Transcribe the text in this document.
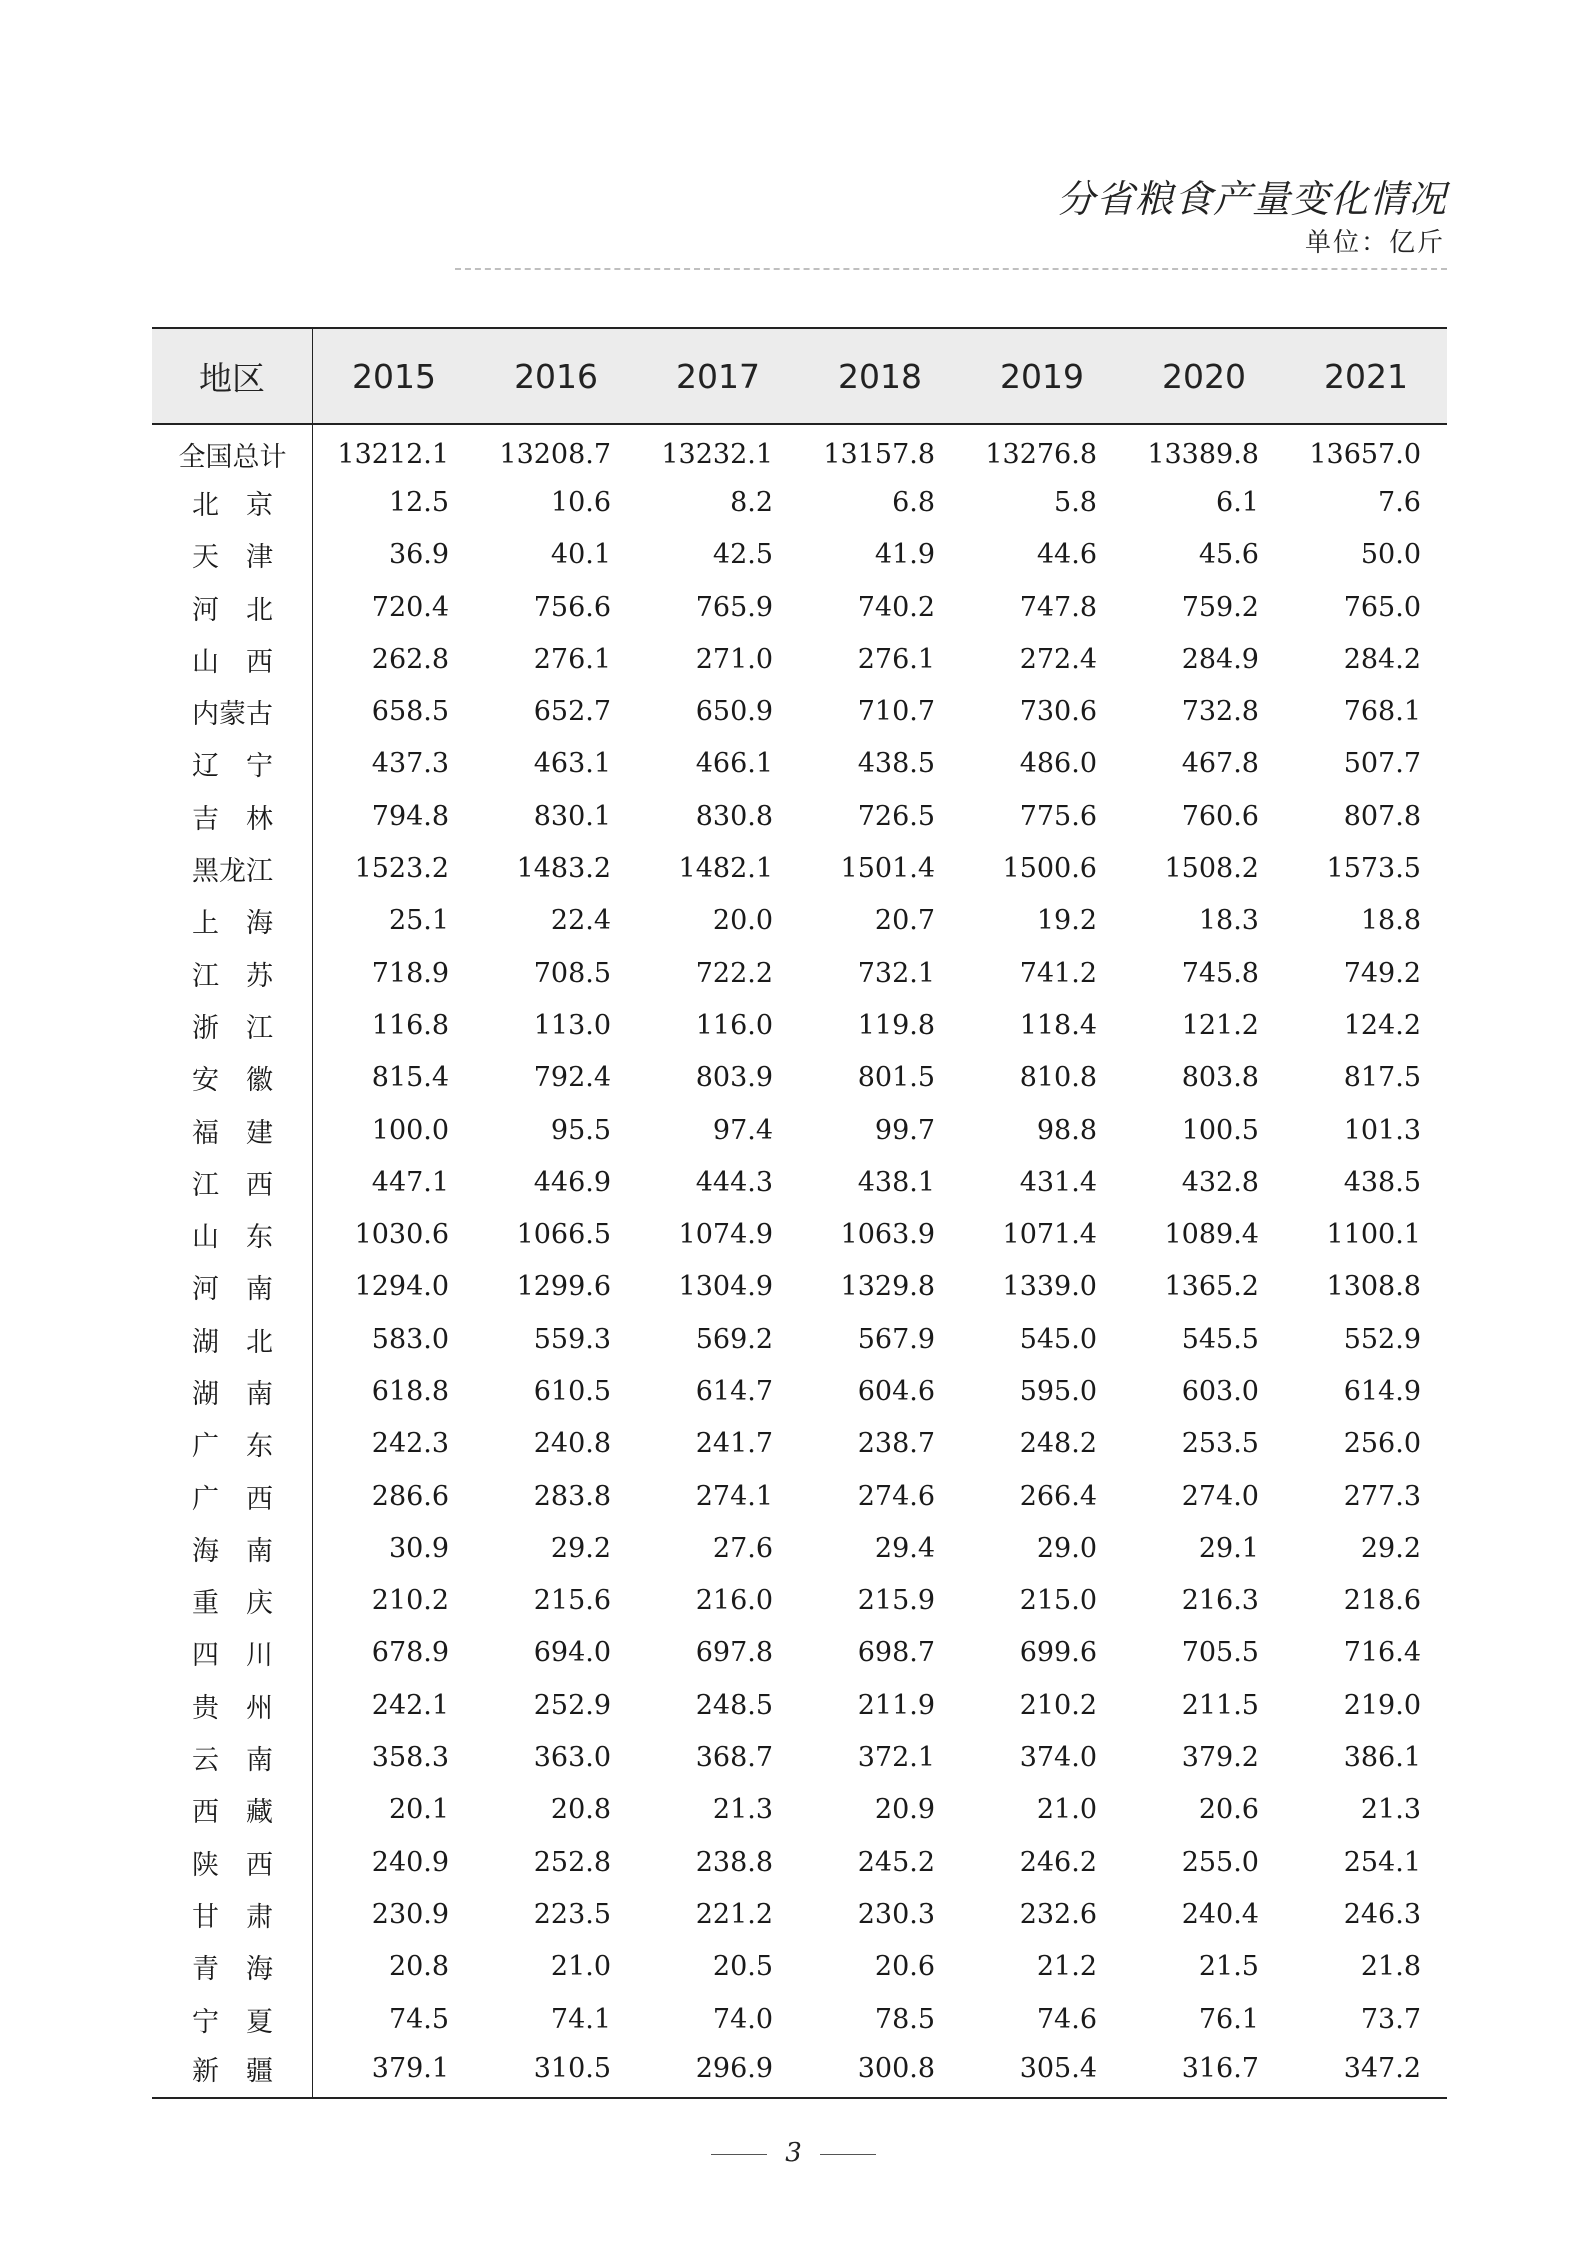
分省粮食产量变化情况
单位：亿斤
地区	2015	2016	2017	2018	2019	2020	2021
全国总计	13212.1	13208.7	13232.1	13157.8	13276.8	13389.8	13657.0
北　京	12.5	10.6	8.2	6.8	5.8	6.1	7.6
天　津	36.9	40.1	42.5	41.9	44.6	45.6	50.0
河　北	720.4	756.6	765.9	740.2	747.8	759.2	765.0
山　西	262.8	276.1	271.0	276.1	272.4	284.9	284.2
内蒙古	658.5	652.7	650.9	710.7	730.6	732.8	768.1
辽　宁	437.3	463.1	466.1	438.5	486.0	467.8	507.7
吉　林	794.8	830.1	830.8	726.5	775.6	760.6	807.8
黑龙江	1523.2	1483.2	1482.1	1501.4	1500.6	1508.2	1573.5
上　海	25.1	22.4	20.0	20.7	19.2	18.3	18.8
江　苏	718.9	708.5	722.2	732.1	741.2	745.8	749.2
浙　江	116.8	113.0	116.0	119.8	118.4	121.2	124.2
安　徽	815.4	792.4	803.9	801.5	810.8	803.8	817.5
福　建	100.0	95.5	97.4	99.7	98.8	100.5	101.3
江　西	447.1	446.9	444.3	438.1	431.4	432.8	438.5
山　东	1030.6	1066.5	1074.9	1063.9	1071.4	1089.4	1100.1
河　南	1294.0	1299.6	1304.9	1329.8	1339.0	1365.2	1308.8
湖　北	583.0	559.3	569.2	567.9	545.0	545.5	552.9
湖　南	618.8	610.5	614.7	604.6	595.0	603.0	614.9
广　东	242.3	240.8	241.7	238.7	248.2	253.5	256.0
广　西	286.6	283.8	274.1	274.6	266.4	274.0	277.3
海　南	30.9	29.2	27.6	29.4	29.0	29.1	29.2
重　庆	210.2	215.6	216.0	215.9	215.0	216.3	218.6
四　川	678.9	694.0	697.8	698.7	699.6	705.5	716.4
贵　州	242.1	252.9	248.5	211.9	210.2	211.5	219.0
云　南	358.3	363.0	368.7	372.1	374.0	379.2	386.1
西　藏	20.1	20.8	21.3	20.9	21.0	20.6	21.3
陕　西	240.9	252.8	238.8	245.2	246.2	255.0	254.1
甘　肃	230.9	223.5	221.2	230.3	232.6	240.4	246.3
青　海	20.8	21.0	20.5	20.6	21.2	21.5	21.8
宁　夏	74.5	74.1	74.0	78.5	74.6	76.1	73.7
新　疆	379.1	310.5	296.9	300.8	305.4	316.7	347.2
3
